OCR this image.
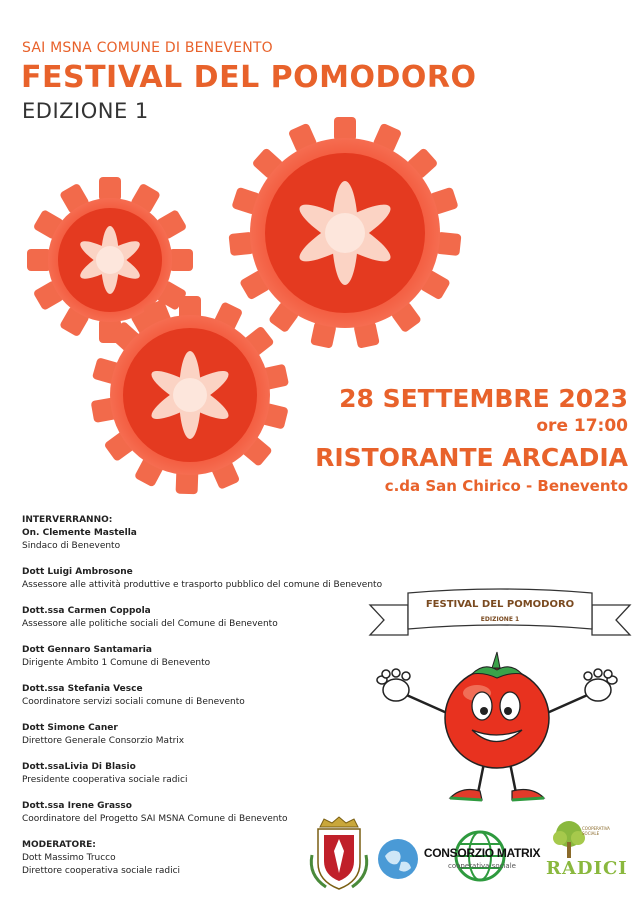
SAI MSNA COMUNE DI BENEVENTO
FESTIVAL DEL POMODORO
EDIZIONE 1
28 SETTEMBRE 2023
ore 17:00
RISTORANTE ARCADIA
c.da San Chirico - Benevento
INTERVERRANNO:
On. Clemente Mastella
Sindaco di Benevento
Dott Luigi Ambrosone
Assessore alle attività produttive e trasporto pubblico del comune di Benevento
Dott.ssa Carmen Coppola
Assessore alle politiche sociali del Comune di Benevento
Dott Gennaro Santamaria
Dirigente Ambito 1 Comune di Benevento
Dott.ssa Stefania Vesce
Coordinatore servizi sociali comune di Benevento
Dott Simone Caner
Direttore Generale Consorzio Matrix
Dott.ssaLivia Di Blasio
Presidente cooperativa sociale radici
Dott.ssa Irene Grasso
Coordinatore del Progetto SAI MSNA Comune di Benevento
MODERATORE:
Dott Massimo Trucco
Direttore cooperativa sociale radici
FESTIVAL DEL POMODORO
EDIZIONE 1
CONSORZIO MATRIX
cooperativa sociale
COOPERATIVA SOCIALE
RADICI
